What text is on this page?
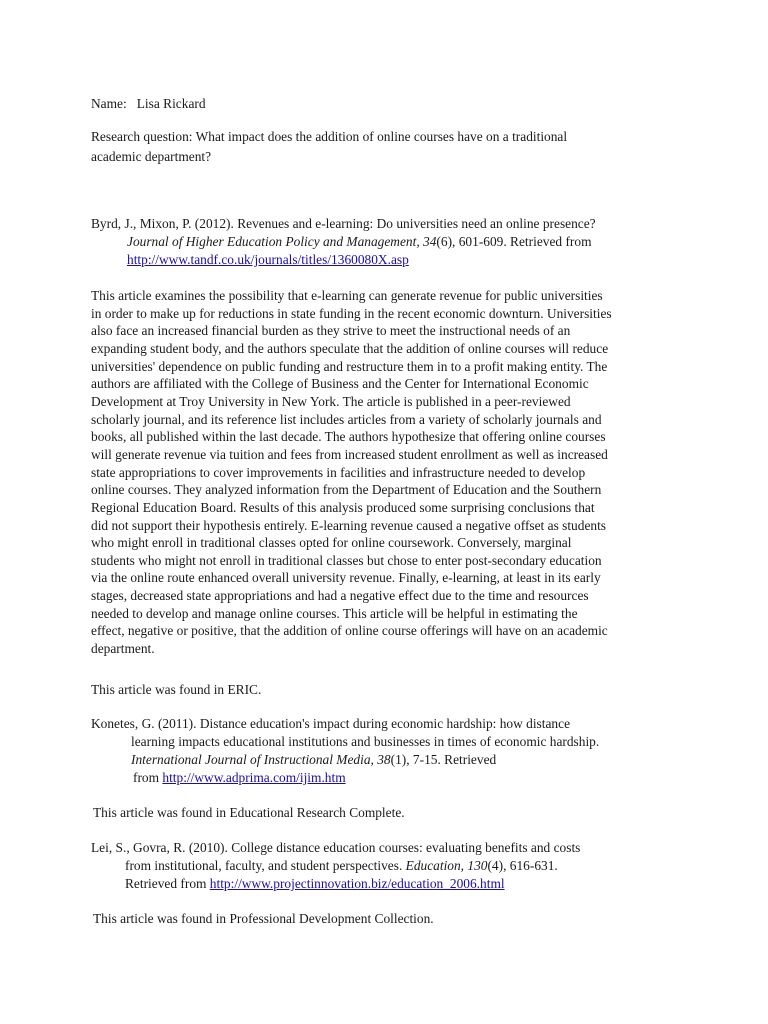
Name: Lisa Rickard
Research question: What impact does the addition of online courses have on a traditional
academic department?
Byrd, J., Mixon, P. (2012). Revenues and e-learning: Do universities need an online presence?
Journal of Higher Education Policy and Management, 34(6), 601-609. Retrieved from
http://www.tandf.co.uk/journals/titles/1360080X.asp
This article examines the possibility that e-learning can generate revenue for public universities
in order to make up for reductions in state funding in the recent economic downturn. Universities
also face an increased financial burden as they strive to meet the instructional needs of an
expanding student body, and the authors speculate that the addition of online courses will reduce
universities' dependence on public funding and restructure them in to a profit making entity. The
authors are affiliated with the College of Business and the Center for International Economic
Development at Troy University in New York. The article is published in a peer-reviewed
scholarly journal, and its reference list includes articles from a variety of scholarly journals and
books, all published within the last decade. The authors hypothesize that offering online courses
will generate revenue via tuition and fees from increased student enrollment as well as increased
state appropriations to cover improvements in facilities and infrastructure needed to develop
online courses. They analyzed information from the Department of Education and the Southern
Regional Education Board. Results of this analysis produced some surprising conclusions that
did not support their hypothesis entirely. E-learning revenue caused a negative offset as students
who might enroll in traditional classes opted for online coursework. Conversely, marginal
students who might not enroll in traditional classes but chose to enter post-secondary education
via the online route enhanced overall university revenue. Finally, e-learning, at least in its early
stages, decreased state appropriations and had a negative effect due to the time and resources
needed to develop and manage online courses. This article will be helpful in estimating the
effect, negative or positive, that the addition of online course offerings will have on an academic
department.
This article was found in ERIC.
Konetes, G. (2011). Distance education's impact during economic hardship: how distance
learning impacts educational institutions and businesses in times of economic hardship.
International Journal of Instructional Media, 38(1), 7-15. Retrieved
from http://www.adprima.com/ijim.htm
This article was found in Educational Research Complete.
Lei, S., Govra, R. (2010). College distance education courses: evaluating benefits and costs
from institutional, faculty, and student perspectives. Education, 130(4), 616-631.
Retrieved from http://www.projectinnovation.biz/education_2006.html
This article was found in Professional Development Collection.
